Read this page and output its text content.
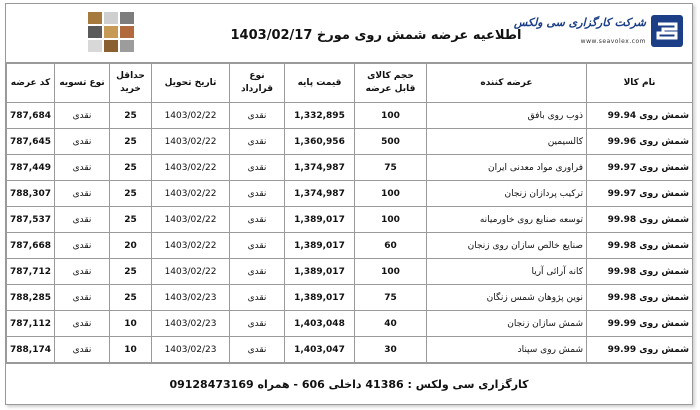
شرکت کارگزاری سی ولکس
www.seavolex.com
اطلاعیه عرضه شمش روی مورخ 1403/02/17
نام کالا	عرضه کننده	حجم کالای قابل عرضه	قیمت پایه	نوع قرارداد	تاریخ تحویل	حداقل خرید	نوع تسویه	کد عرضه
شمش روی 99.94	ذوب روی بافق	100	1,332,895	نقدی	1403/02/22	25	نقدی	787,684
شمش روی 99.96	کالسیمین	500	1,360,956	نقدی	1403/02/22	25	نقدی	787,645
شمش روی 99.97	فراوری مواد معدنی ایران	75	1,374,987	نقدی	1403/02/22	25	نقدی	787,449
شمش روی 99.97	ترکیب پردازان زنجان	100	1,374,987	نقدی	1403/02/22	25	نقدی	788,307
شمش روی 99.98	توسعه صنایع روی خاورمیانه	100	1,389,017	نقدی	1403/02/22	25	نقدی	787,537
شمش روی 99.98	صنایع خالص سازان روی زنجان	60	1,389,017	نقدی	1403/02/22	20	نقدی	787,668
شمش روی 99.98	کانه آرائی آریا	100	1,389,017	نقدی	1403/02/22	25	نقدی	787,712
شمش روی 99.98	نوین پژوهان شمس زنگان	75	1,389,017	نقدی	1403/02/23	25	نقدی	788,285
شمش روی 99.99	شمش سازان زنجان	40	1,403,048	نقدی	1403/02/23	10	نقدی	787,112
شمش روی 99.99	شمش روی سپناد	30	1,403,047	نقدی	1403/02/23	10	نقدی	788,174
کارگزاری سی ولکس : 41386 داخلی 606 - همراه 09128473169
